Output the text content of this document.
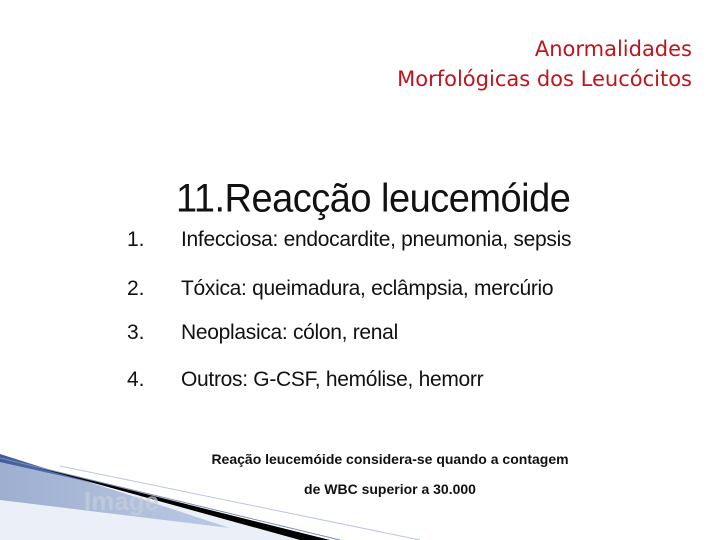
Anormalidades
Morfológicas dos Leucócitos
11.Reacção leucemóide
1. Infecciosa: endocardite, pneumonia, sepsis
2. Tóxica: queimadura, eclâmpsia, mercúrio
3. Neoplasica: cólon, renal
4. Outros: G-CSF, hemólise, hemorr
Image
Reação leucemóide considera-se quando a contagem
de WBC superior a 30.000
